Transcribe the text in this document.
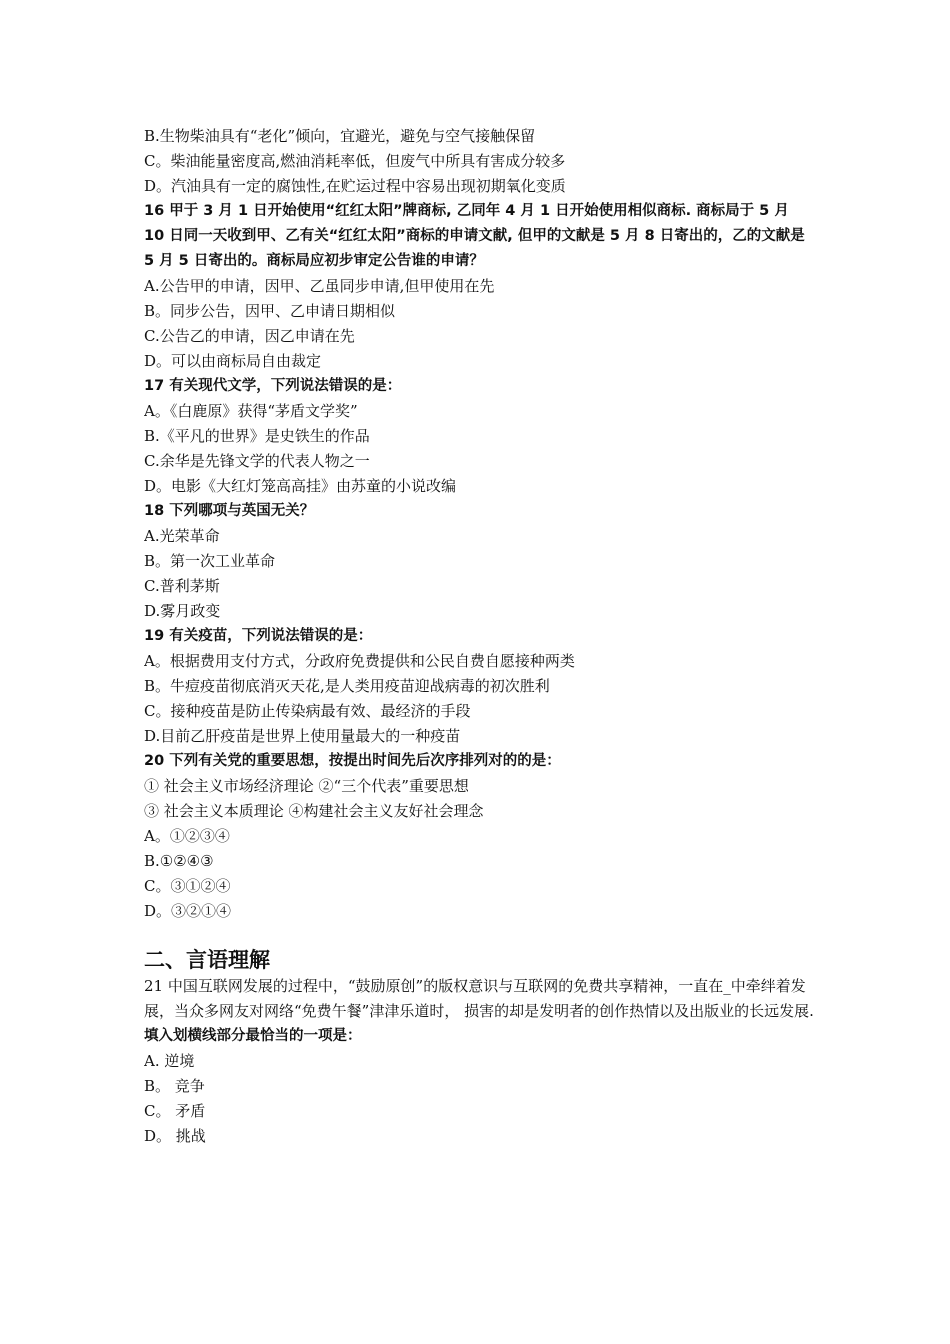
B.生物柴油具有“老化”倾向，宜避光，避免与空气接触保留
C。柴油能量密度高,燃油消耗率低，但废气中所具有害成分较多
D。汽油具有一定的腐蚀性,在贮运过程中容易出现初期氧化变质
16 甲于 3 月 1 日开始使用“红红太阳”牌商标, 乙同年 4 月 1 日开始使用相似商标. 商标局于 5 月 10 日同一天收到甲、乙有关“红红太阳”商标的申请文献, 但甲的文献是 5 月 8 日寄出的，乙的文献是 5 月 5 日寄出的。商标局应初步审定公告谁的申请？
A.公告甲的申请，因甲、乙虽同步申请,但甲使用在先
B。同步公告，因甲、乙申请日期相似
C.公告乙的申请，因乙申请在先
D。可以由商标局自由裁定
17 有关现代文学，下列说法错误的是：
A。《白鹿原》获得“茅盾文学奖”
B.《平凡的世界》是史铁生的作品
C.余华是先锋文学的代表人物之一
D。电影《大红灯笼高高挂》由苏童的小说改编
18 下列哪项与英国无关？
A.光荣革命
B。第一次工业革命
C.普利茅斯
D.雾月政变
19 有关疫苗，下列说法错误的是：
A。根据费用支付方式，分政府免费提供和公民自费自愿接种两类
B。牛痘疫苗彻底消灭天花,是人类用疫苗迎战病毒的初次胜利
C。接种疫苗是防止传染病最有效、最经济的手段
D.目前乙肝疫苗是世界上使用量最大的一种疫苗
20 下列有关党的重要思想，按提出时间先后次序排列对的的是：
① 社会主义市场经济理论 ②“三个代表”重要思想
③ 社会主义本质理论 ④构建社会主义友好社会理念
A。①②③④
B.①②④③
C。③①②④
D。③②①④
二、言语理解
21 中国互联网发展的过程中，“鼓励原创”的版权意识与互联网的免费共享精神，一直在_中牵绊着发展，当众多网友对网络“免费午餐”津津乐道时， 损害的却是发明者的创作热情以及出版业的长远发展.
填入划横线部分最恰当的一项是：
A. 逆境
B。 竞争
C。 矛盾
D。 挑战
